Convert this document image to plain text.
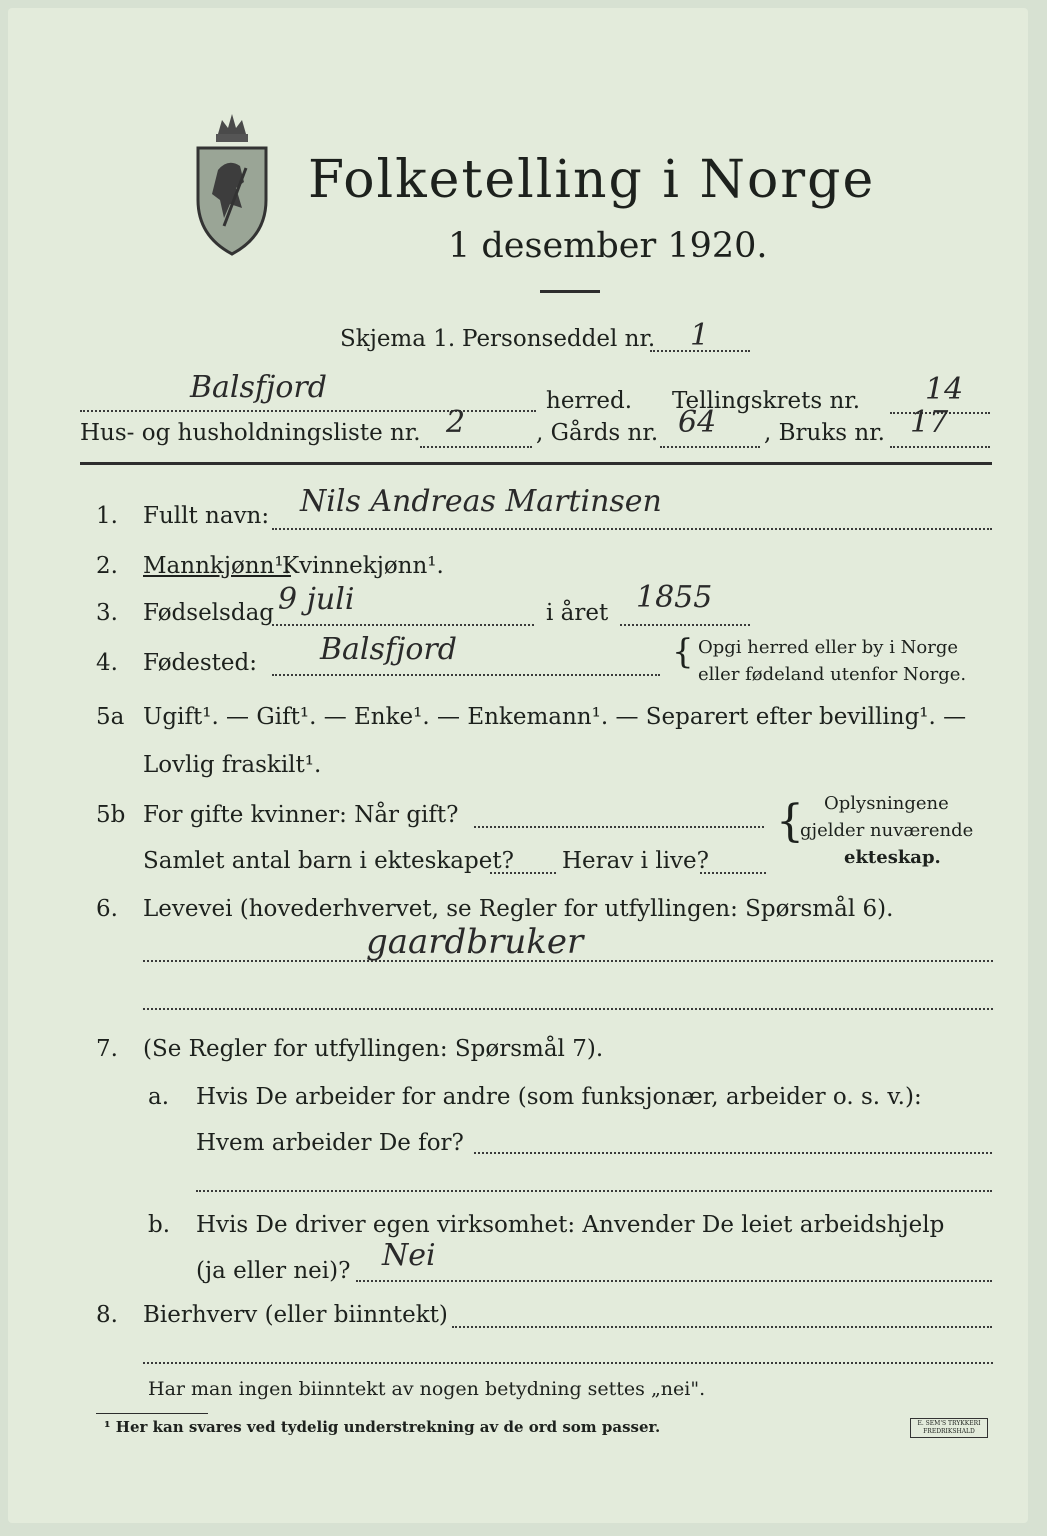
Folketelling i Norge
1 desember 1920.
Skjema 1. Personseddel nr. 1
Balsfjord	herred. Tellingskrets nr. 14
Hus- og husholdningsliste nr. 2	, Gårds nr. 64 , Bruks nr. 17
1. Fullt navn: Nils Andreas Martinsen
2. Mannkjønn¹.
Kvinnekjønn¹.
3. Fødselsdag 9 juli	i året 1855
4. Fødested: Balsfjord	{ Opgi herred eller by i Norge
eller fødeland utenfor Norge.
5a Ugift¹. — Gift¹. — Enke¹. — Enkemann¹. — Separert efter bevilling¹. —
Lovlig fraskilt¹.
5b For gifte kvinner: Når gift?
Samlet antal barn i ekteskapet? Herav i live?
{ Oplysningene
gjelder nuværende
ekteskap.
6. Levevei (hovederhvervet, se Regler for utfyllingen: Spørsmål 6).
gaardbruker
7. (Se Regler for utfyllingen: Spørsmål 7).
a. Hvis De arbeider for andre (som funksjonær, arbeider o. s. v.):
Hvem arbeider De for?
b. Hvis De driver egen virksomhet: Anvender De leiet arbeidshjelp
(ja eller nei)? Nei
8. Bierhverv (eller biinntekt)
Har man ingen biinntekt av nogen betydning settes „nei".
¹ Her kan svares ved tydelig understrekning av de ord som passer.	E. SEM'S TRYKKERI FREDRIKSHALD
